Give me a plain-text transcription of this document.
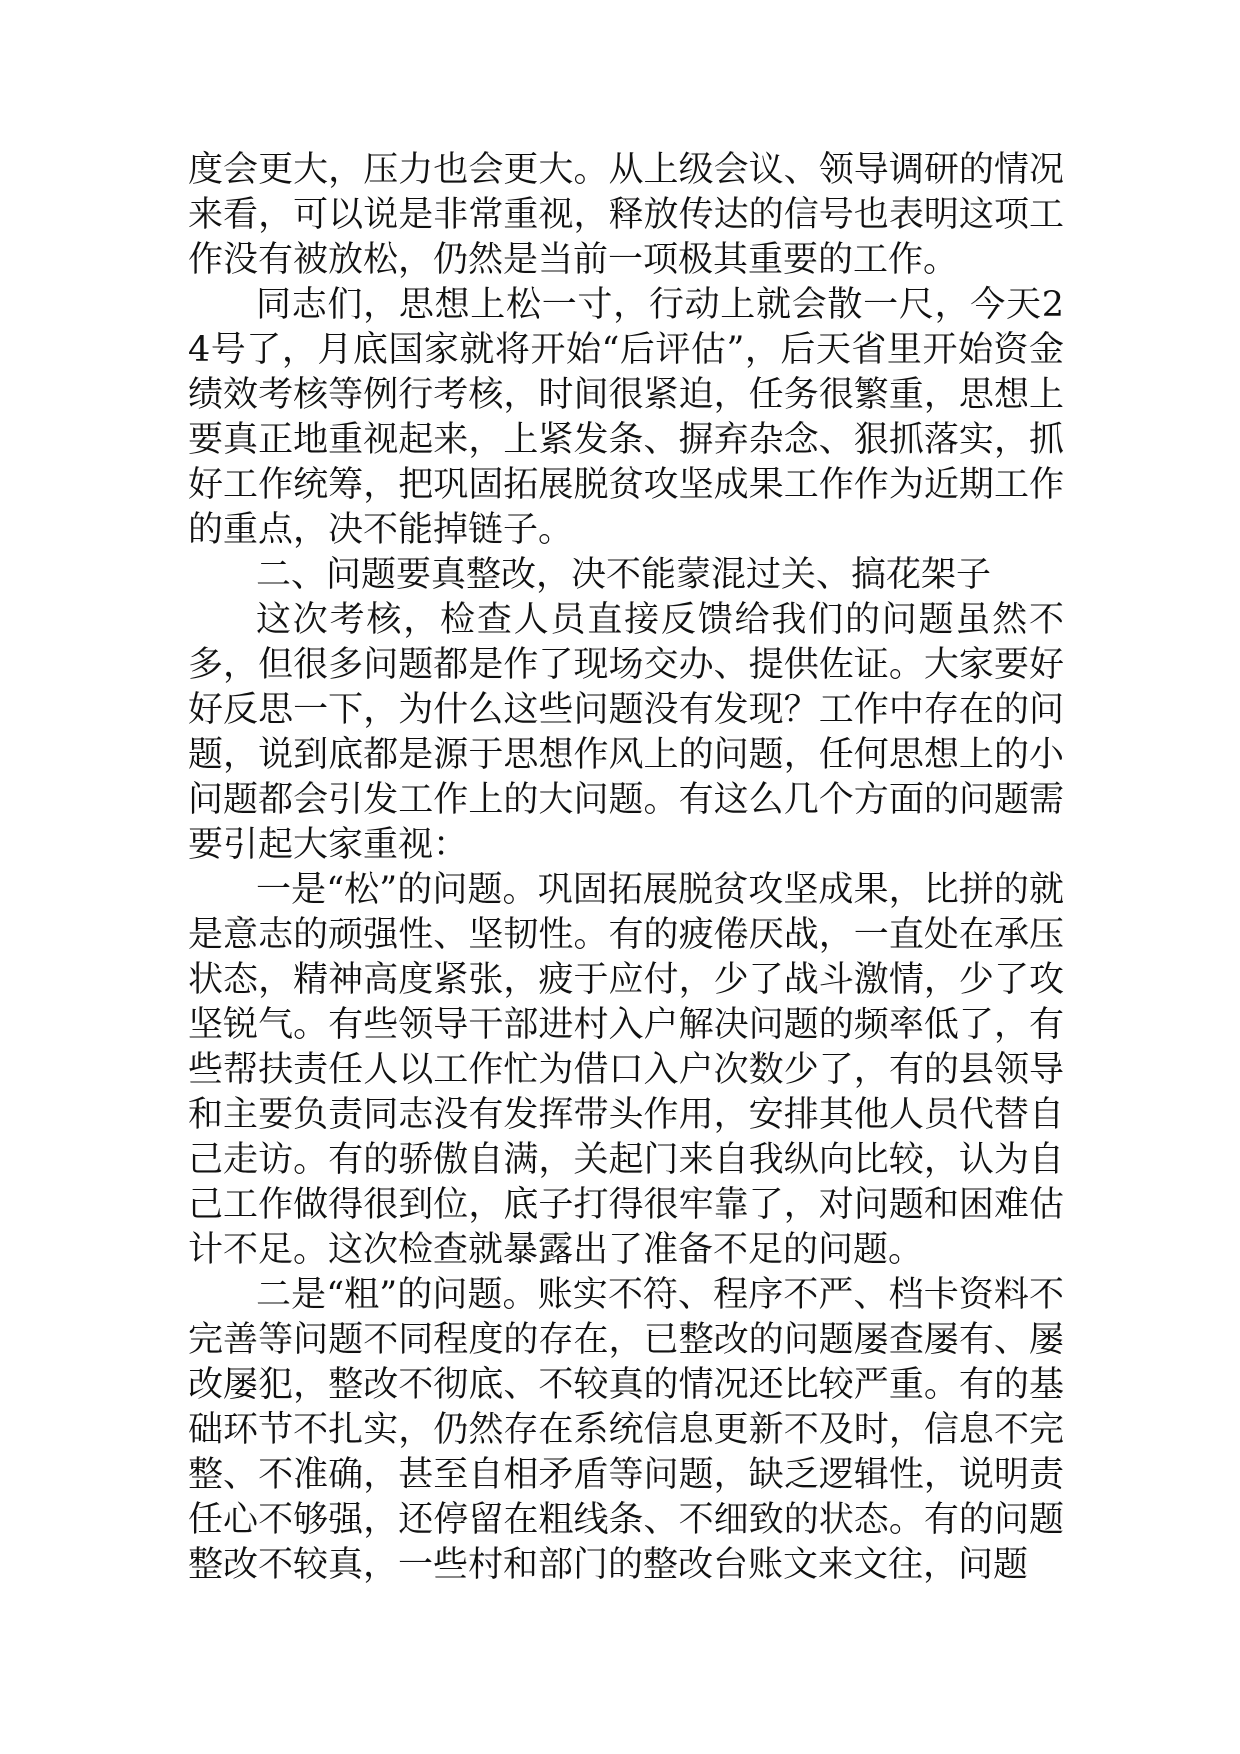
度会更大，压力也会更大。从上级会议、领导调研的情况来看，可以说是非常重视，释放传达的信号也表明这项工作没有被放松，仍然是当前一项极其重要的工作。

同志们，思想上松一寸，行动上就会散一尺，今天24号了，月底国家就将开始“后评估”，后天省里开始资金绩效考核等例行考核，时间很紧迫，任务很繁重，思想上要真正地重视起来，上紧发条、摒弃杂念、狠抓落实，抓好工作统筹，把巩固拓展脱贫攻坚成果工作作为近期工作的重点，决不能掉链子。

二、问题要真整改，决不能蒙混过关、搞花架子

这次考核，检查人员直接反馈给我们的问题虽然不多，但很多问题都是作了现场交办、提供佐证。大家要好好反思一下，为什么这些问题没有发现？工作中存在的问题，说到底都是源于思想作风上的问题，任何思想上的小问题都会引发工作上的大问题。有这么几个方面的问题需要引起大家重视：

一是“松”的问题。巩固拓展脱贫攻坚成果，比拼的就是意志的顽强性、坚韧性。有的疲倦厌战，一直处在承压状态，精神高度紧张，疲于应付，少了战斗激情，少了攻坚锐气。有些领导干部进村入户解决问题的频率低了，有些帮扶责任人以工作忙为借口入户次数少了，有的县领导和主要负责同志没有发挥带头作用，安排其他人员代替自己走访。有的骄傲自满，关起门来自我纵向比较，认为自己工作做得很到位，底子打得很牢靠了，对问题和困难估计不足。这次检查就暴露出了准备不足的问题。

二是“粗”的问题。账实不符、程序不严、档卡资料不完善等问题不同程度的存在，已整改的问题屡查屡有、屡改屡犯，整改不彻底、不较真的情况还比较严重。有的基础环节不扎实，仍然存在系统信息更新不及时，信息不完整、不准确，甚至自相矛盾等问题，缺乏逻辑性，说明责任心不够强，还停留在粗线条、不细致的状态。有的问题整改不较真，一些村和部门的整改台账文来文往，问题
